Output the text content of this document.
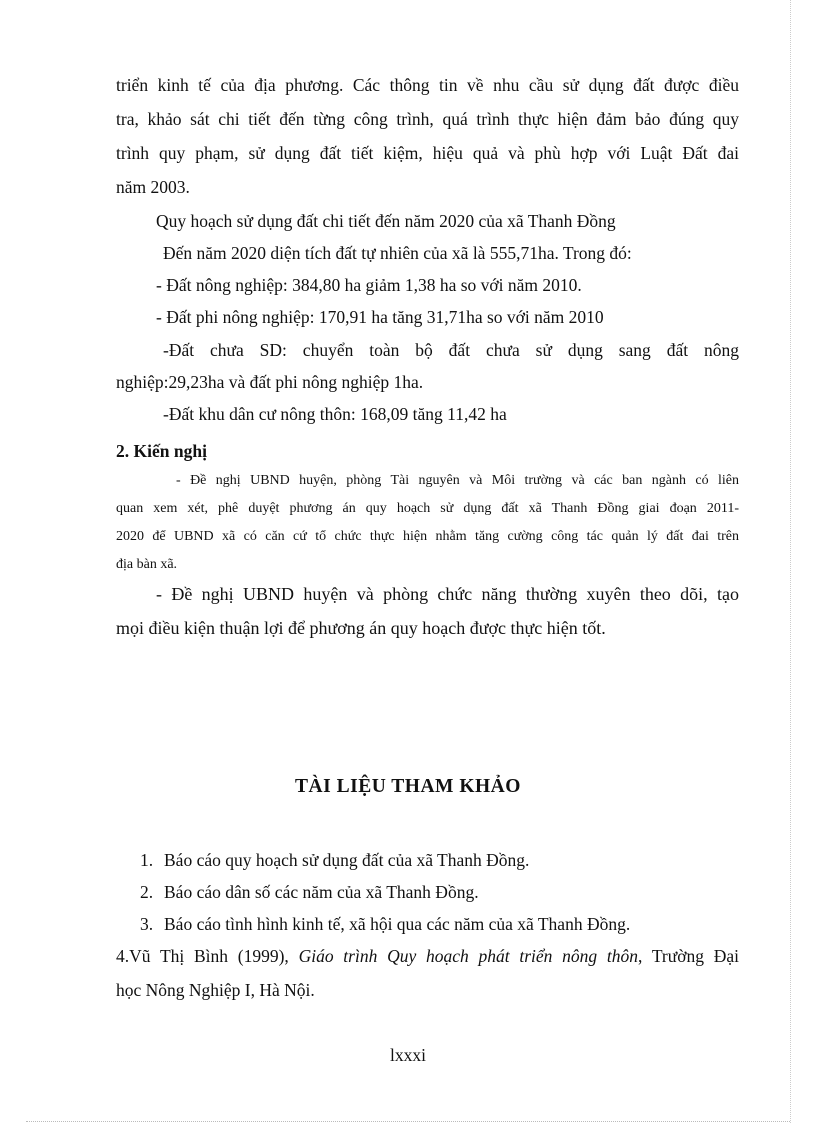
triển kinh tế của địa phương. Các thông tin về nhu cầu sử dụng đất được điều
tra, khảo sát chi tiết đến từng công trình, quá trình thực hiện đảm bảo đúng quy
trình quy phạm, sử dụng đất tiết kiệm, hiệu quả và phù hợp với Luật Đất đai
năm 2003.
Quy hoạch sử dụng đất chi tiết đến năm 2020 của xã Thanh Đồng
Đến năm 2020 diện tích đất tự nhiên của xã là 555,71ha. Trong đó:
- Đất nông nghiệp: 384,80 ha giảm 1,38 ha so với năm 2010.
- Đất phi nông nghiệp: 170,91 ha tăng 31,71ha so với năm 2010
-Đất chưa SD: chuyển toàn bộ đất chưa sử dụng sang đất nông
nghiệp:29,23ha và đất phi nông nghiệp 1ha.
-Đất khu dân cư nông thôn: 168,09 tăng 11,42 ha
2. Kiến nghị
- Đề nghị UBND huyện, phòng Tài nguyên và Môi trường và các ban ngành có liên
quan xem xét, phê duyệt phương án quy hoạch sử dụng đất xã Thanh Đồng giai đoạn 2011-
2020 để UBND xã có căn cứ tổ chức thực hiện nhằm tăng cường công tác quản lý đất đai trên
địa bàn xã.
- Đề nghị UBND huyện và phòng chức năng thường xuyên theo dõi, tạo
mọi điều kiện thuận lợi để phương án quy hoạch được thực hiện tốt.
TÀI LIỆU THAM KHẢO
1. Báo cáo quy hoạch sử dụng đất của xã Thanh Đồng.
2. Báo cáo dân số các năm của xã Thanh Đồng.
3. Báo cáo tình hình kinh tế, xã hội qua các năm của xã Thanh Đồng.
4.Vũ Thị Bình (1999), Giáo trình Quy hoạch phát triển nông thôn, Trường Đại
học Nông Nghiệp I, Hà Nội.
lxxxi
